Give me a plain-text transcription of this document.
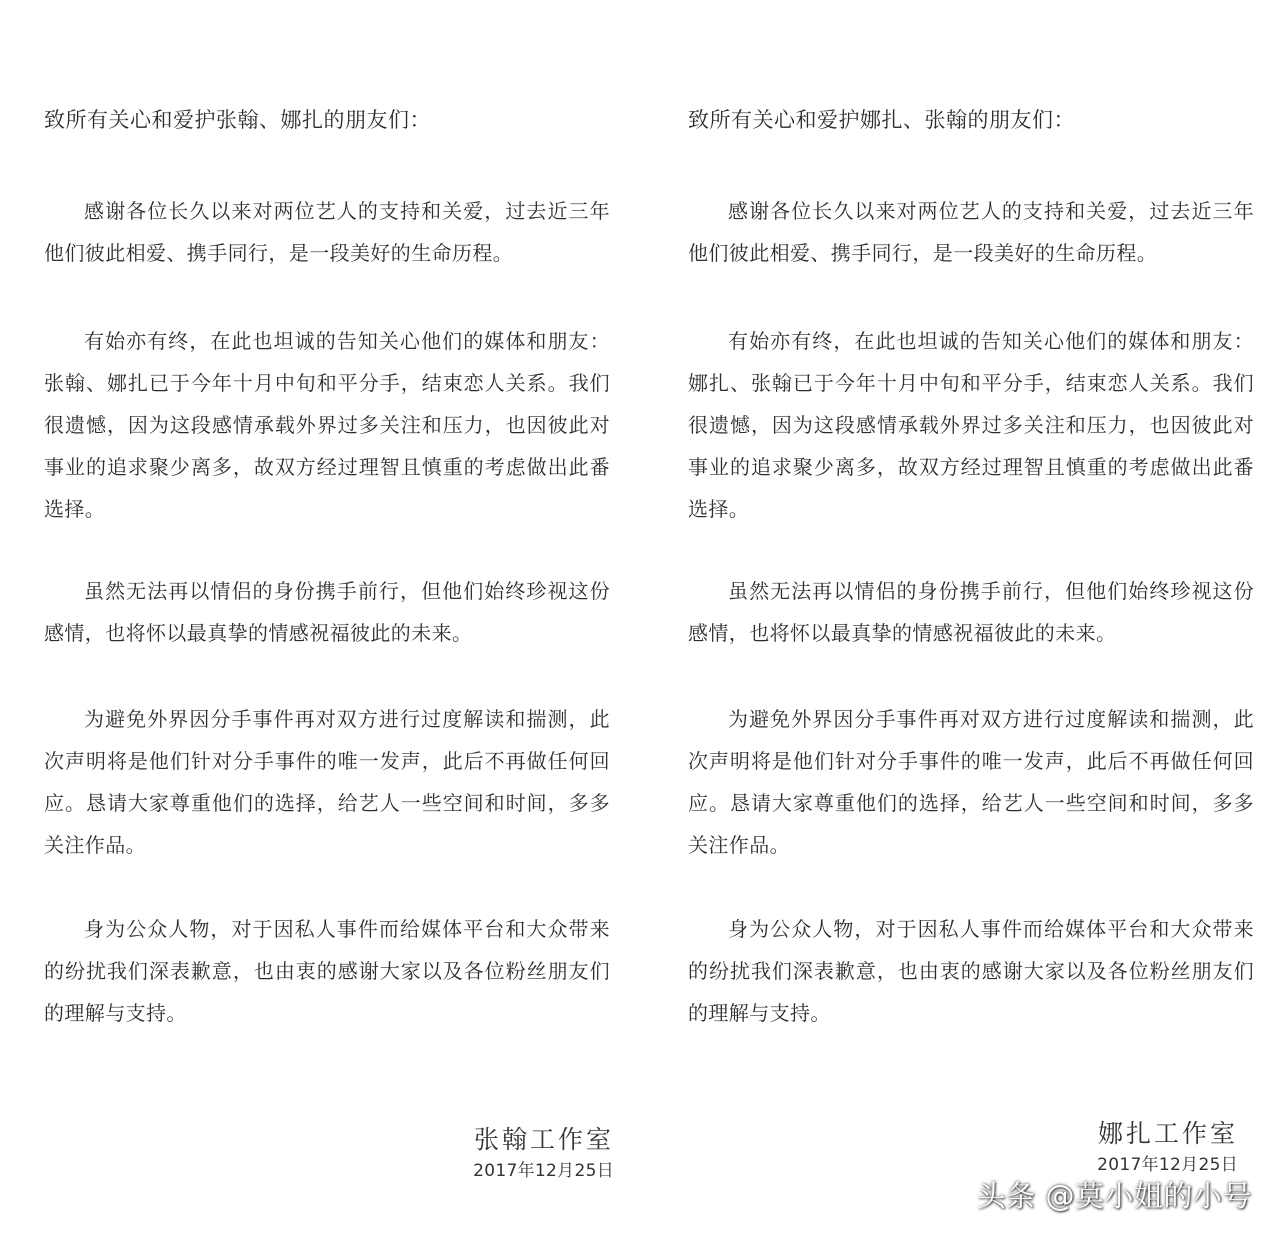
致所有关心和爱护张翰、娜扎的朋友们：

感谢各位长久以来对两位艺人的支持和关爱，过去近三年他们彼此相爱、携手同行，是一段美好的生命历程。

有始亦有终，在此也坦诚的告知关心他们的媒体和朋友：张翰、娜扎已于今年十月中旬和平分手，结束恋人关系。我们很遗憾，因为这段感情承载外界过多关注和压力，也因彼此对事业的追求聚少离多，故双方经过理智且慎重的考虑做出此番选择。

虽然无法再以情侣的身份携手前行，但他们始终珍视这份感情，也将怀以最真挚的情感祝福彼此的未来。

为避免外界因分手事件再对双方进行过度解读和揣测，此次声明将是他们针对分手事件的唯一发声，此后不再做任何回应。恳请大家尊重他们的选择，给艺人一些空间和时间，多多关注作品。

身为公众人物，对于因私人事件而给媒体平台和大众带来的纷扰我们深表歉意，也由衷的感谢大家以及各位粉丝朋友们的理解与支持。

张翰工作室
2017年12月25日
致所有关心和爱护娜扎、张翰的朋友们：

感谢各位长久以来对两位艺人的支持和关爱，过去近三年他们彼此相爱、携手同行，是一段美好的生命历程。

有始亦有终，在此也坦诚的告知关心他们的媒体和朋友：娜扎、张翰已于今年十月中旬和平分手，结束恋人关系。我们很遗憾，因为这段感情承载外界过多关注和压力，也因彼此对事业的追求聚少离多，故双方经过理智且慎重的考虑做出此番选择。

虽然无法再以情侣的身份携手前行，但他们始终珍视这份感情，也将怀以最真挚的情感祝福彼此的未来。

为避免外界因分手事件再对双方进行过度解读和揣测，此次声明将是他们针对分手事件的唯一发声，此后不再做任何回应。恳请大家尊重他们的选择，给艺人一些空间和时间，多多关注作品。

身为公众人物，对于因私人事件而给媒体平台和大众带来的纷扰我们深表歉意，也由衷的感谢大家以及各位粉丝朋友们的理解与支持。

娜扎工作室
2017年12月25日
头条 @莫小姐的小号
